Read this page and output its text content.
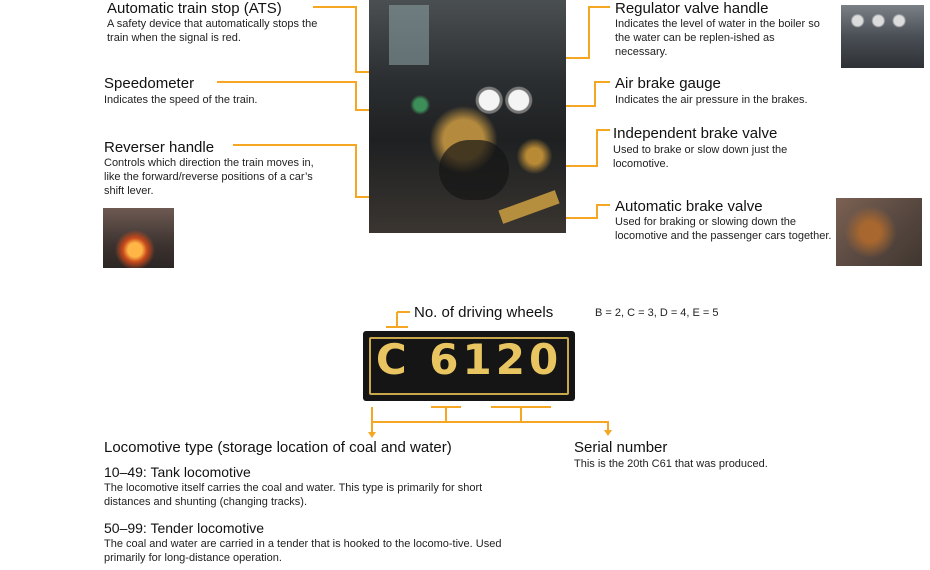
Automatic train stop (ATS)
A safety device that automatically stops the train when the signal is red.
Speedometer
Indicates the speed of the train.
Reverser handle
Controls which direction the train moves in, like the forward/reverse positions of a car’s shift lever.
Regulator valve handle
Indicates the level of water in the boiler so the water can be replen-ished as necessary.
Air brake gauge
Indicates the air pressure in the brakes.
Independent brake valve
Used to brake or slow down just the locomotive.
Automatic brake valve
Used for braking or slowing down the locomotive and the passenger cars together.
No. of driving wheels	B = 2, C = 3, D = 4, E = 5
C 6120
Locomotive type (storage location of coal and water)
10–49: Tank locomotive
The locomotive itself carries the coal and water. This type is primarily for short distances and shunting (changing tracks).
50–99: Tender locomotive
The coal and water are carried in a tender that is hooked to the locomo-tive. Used primarily for long-distance operation.
Serial number
This is the 20th C61 that was produced.
